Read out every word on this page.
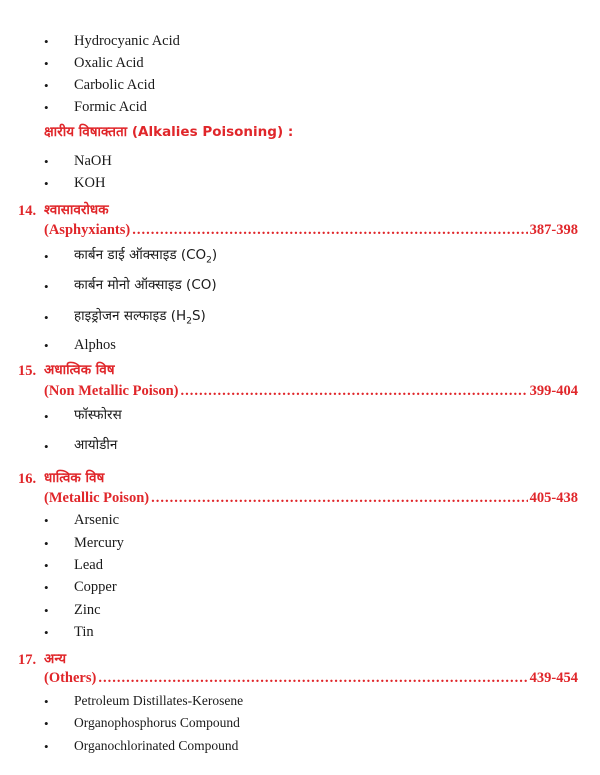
• Hydrocyanic Acid
• Oxalic Acid
• Carbolic Acid
• Formic Acid
क्षारीय विषाक्तता (Alkalies Poisoning) :
• NaOH
• KOH
14. श्वासावरोधक
(Asphyxiants) .....	387-398
• कार्बन डाई ऑक्साइड $(CO_2)$
• कार्बन मोनो ऑक्साइड (CO)
• हाइड्रोजन सल्फाइड $(H_2S)$
• Alphos
15. अधात्विक विष
(Non Metallic Poison) .....	399-404
• फॉस्फोरस
• आयोडीन
16. धात्विक विष
(Metallic Poison) .....	405-438
• Arsenic
• Mercury
• Lead
• Copper
• Zinc
• Tin
17. अन्य
(Others) .....	439-454
• Petroleum Distillates-Kerosene
• Organophosphorus Compound
• Organochlorinated Compound
